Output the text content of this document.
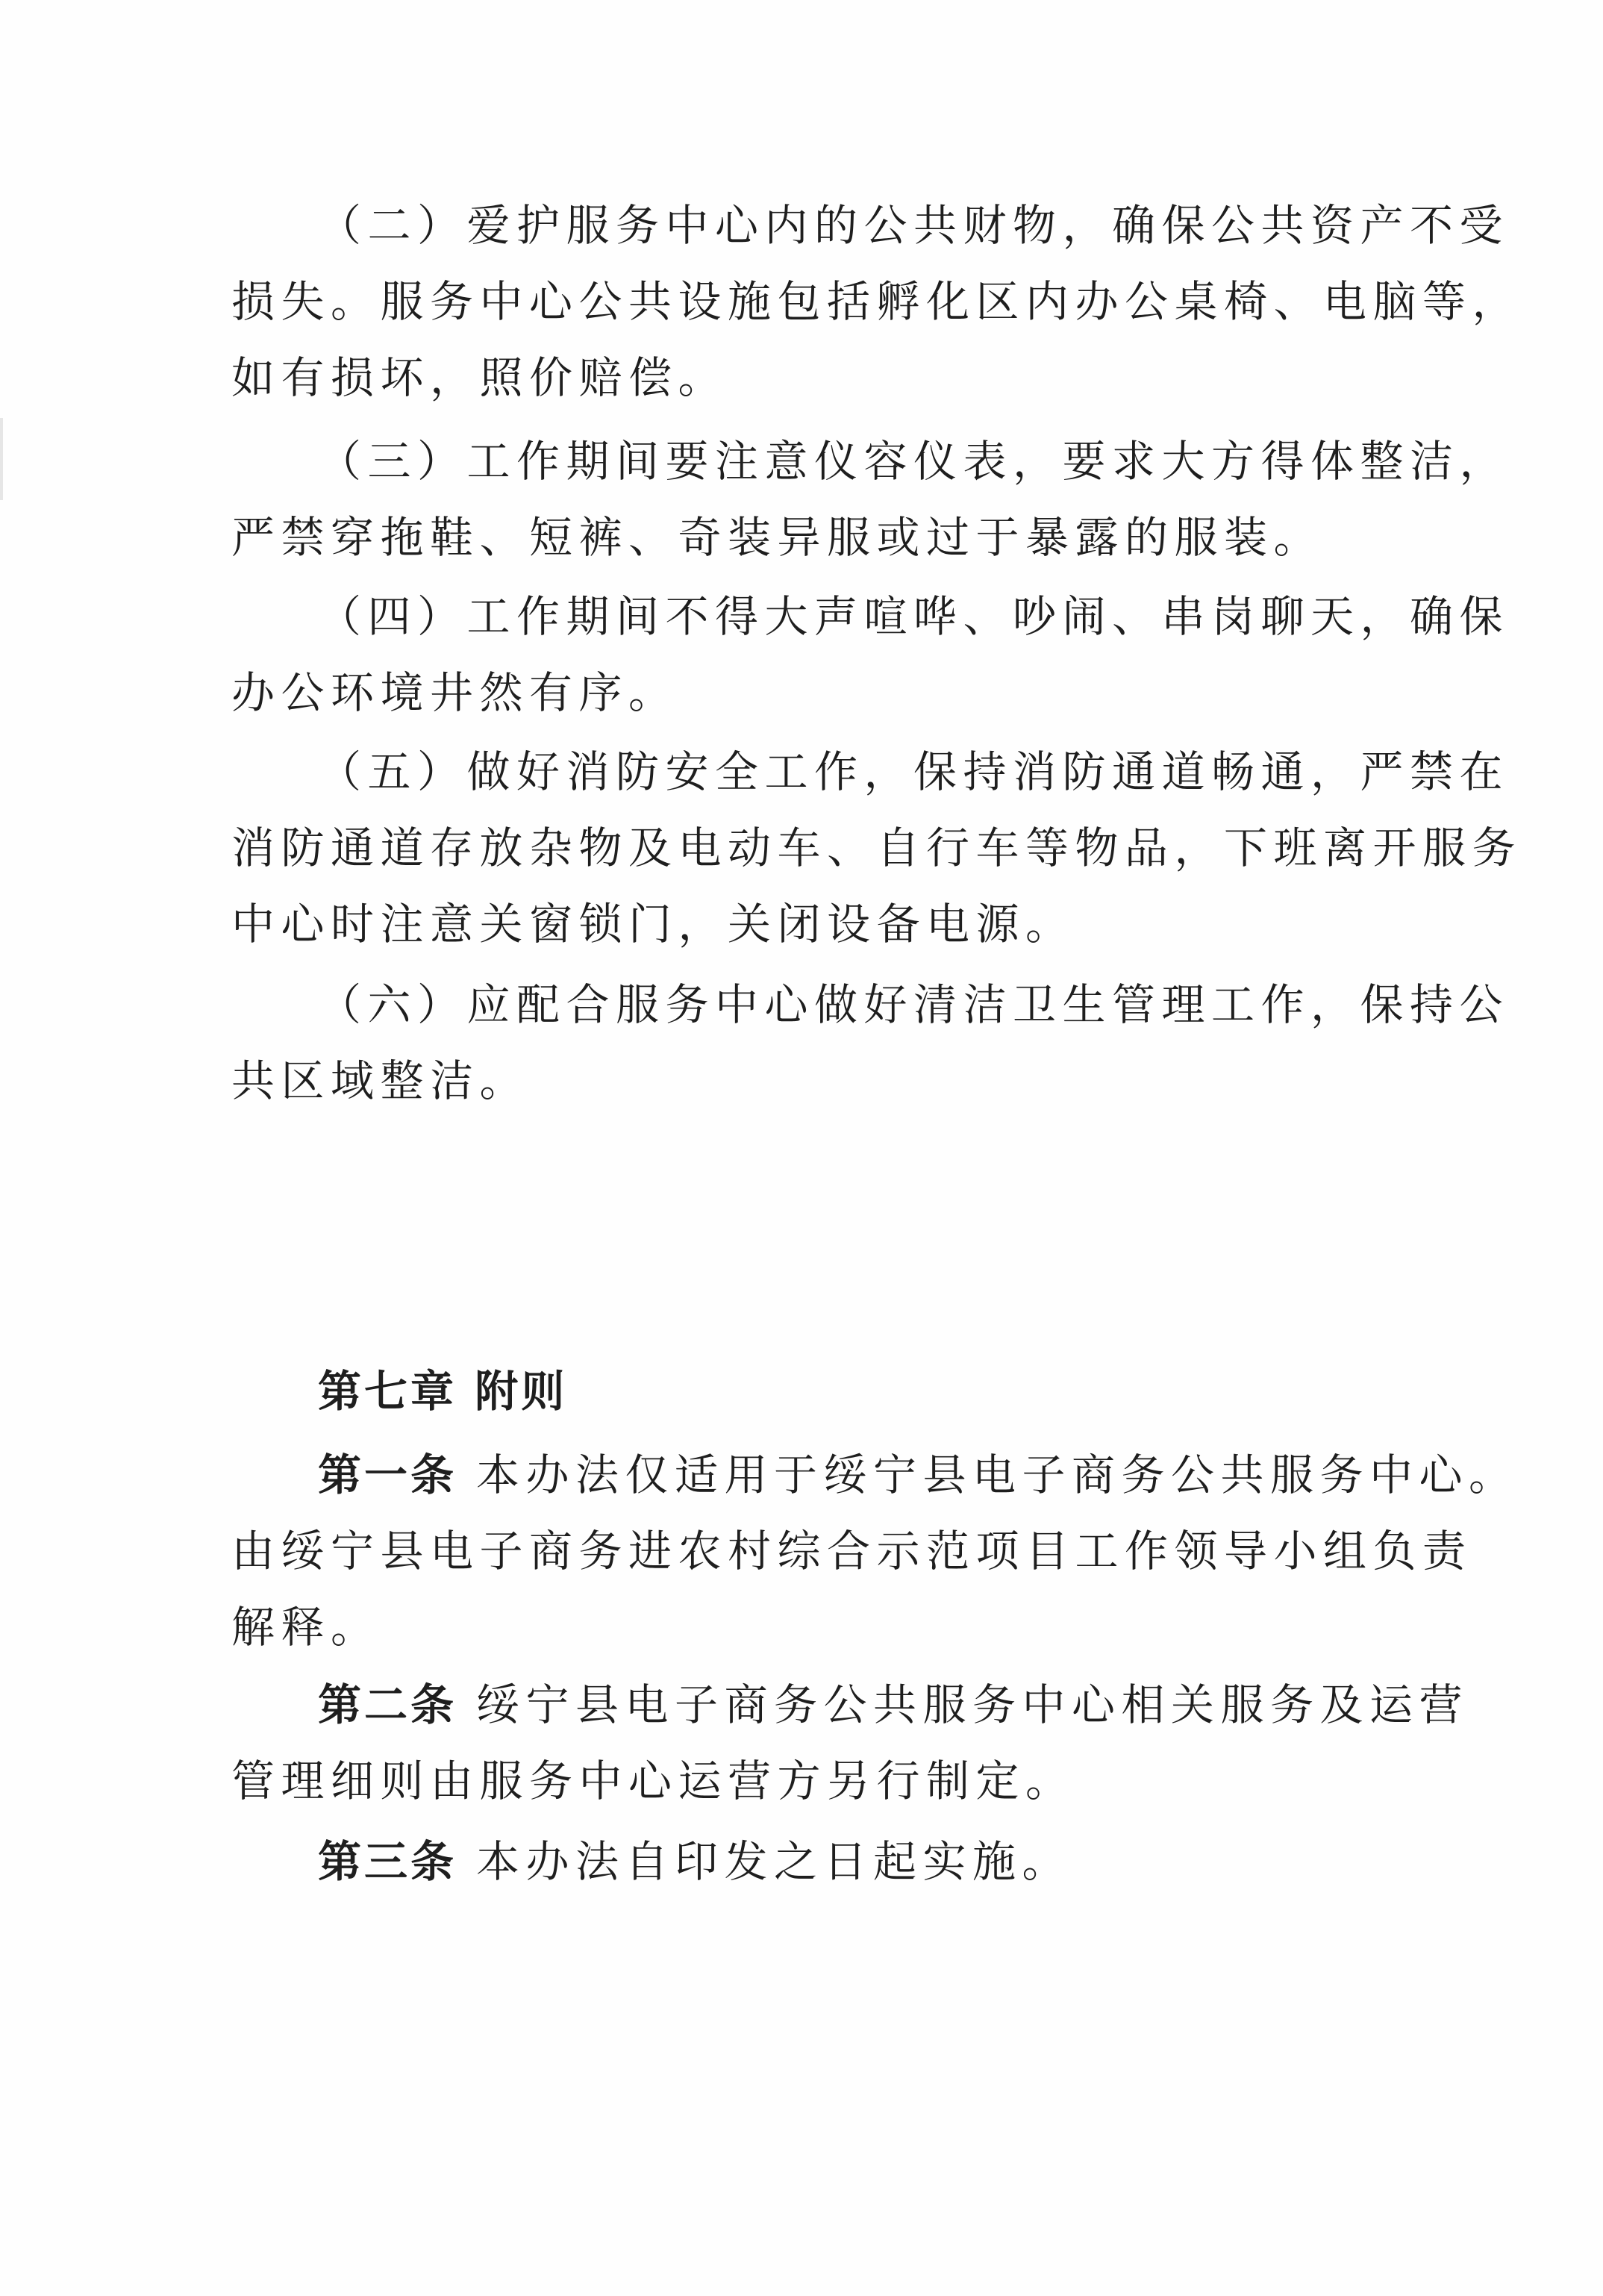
（二）爱护服务中心内的公共财物，确保公共资产不受

损失。服务中心公共设施包括孵化区内办公桌椅、电脑等，

如有损坏，照价赔偿。

（三）工作期间要注意仪容仪表，要求大方得体整洁，

严禁穿拖鞋、短裤、奇装异服或过于暴露的服装。

（四）工作期间不得大声喧哗、吵闹、串岗聊天，确保

办公环境井然有序。

（五）做好消防安全工作，保持消防通道畅通，严禁在

消防通道存放杂物及电动车、自行车等物品，下班离开服务

中心时注意关窗锁门，关闭设备电源。

（六）应配合服务中心做好清洁卫生管理工作，保持公

共区域整洁。

第七章 附则

第一条 本办法仅适用于绥宁县电子商务公共服务中心。

由绥宁县电子商务进农村综合示范项目工作领导小组负责

解释。

第二条 绥宁县电子商务公共服务中心相关服务及运营

管理细则由服务中心运营方另行制定。

第三条 本办法自印发之日起实施。
